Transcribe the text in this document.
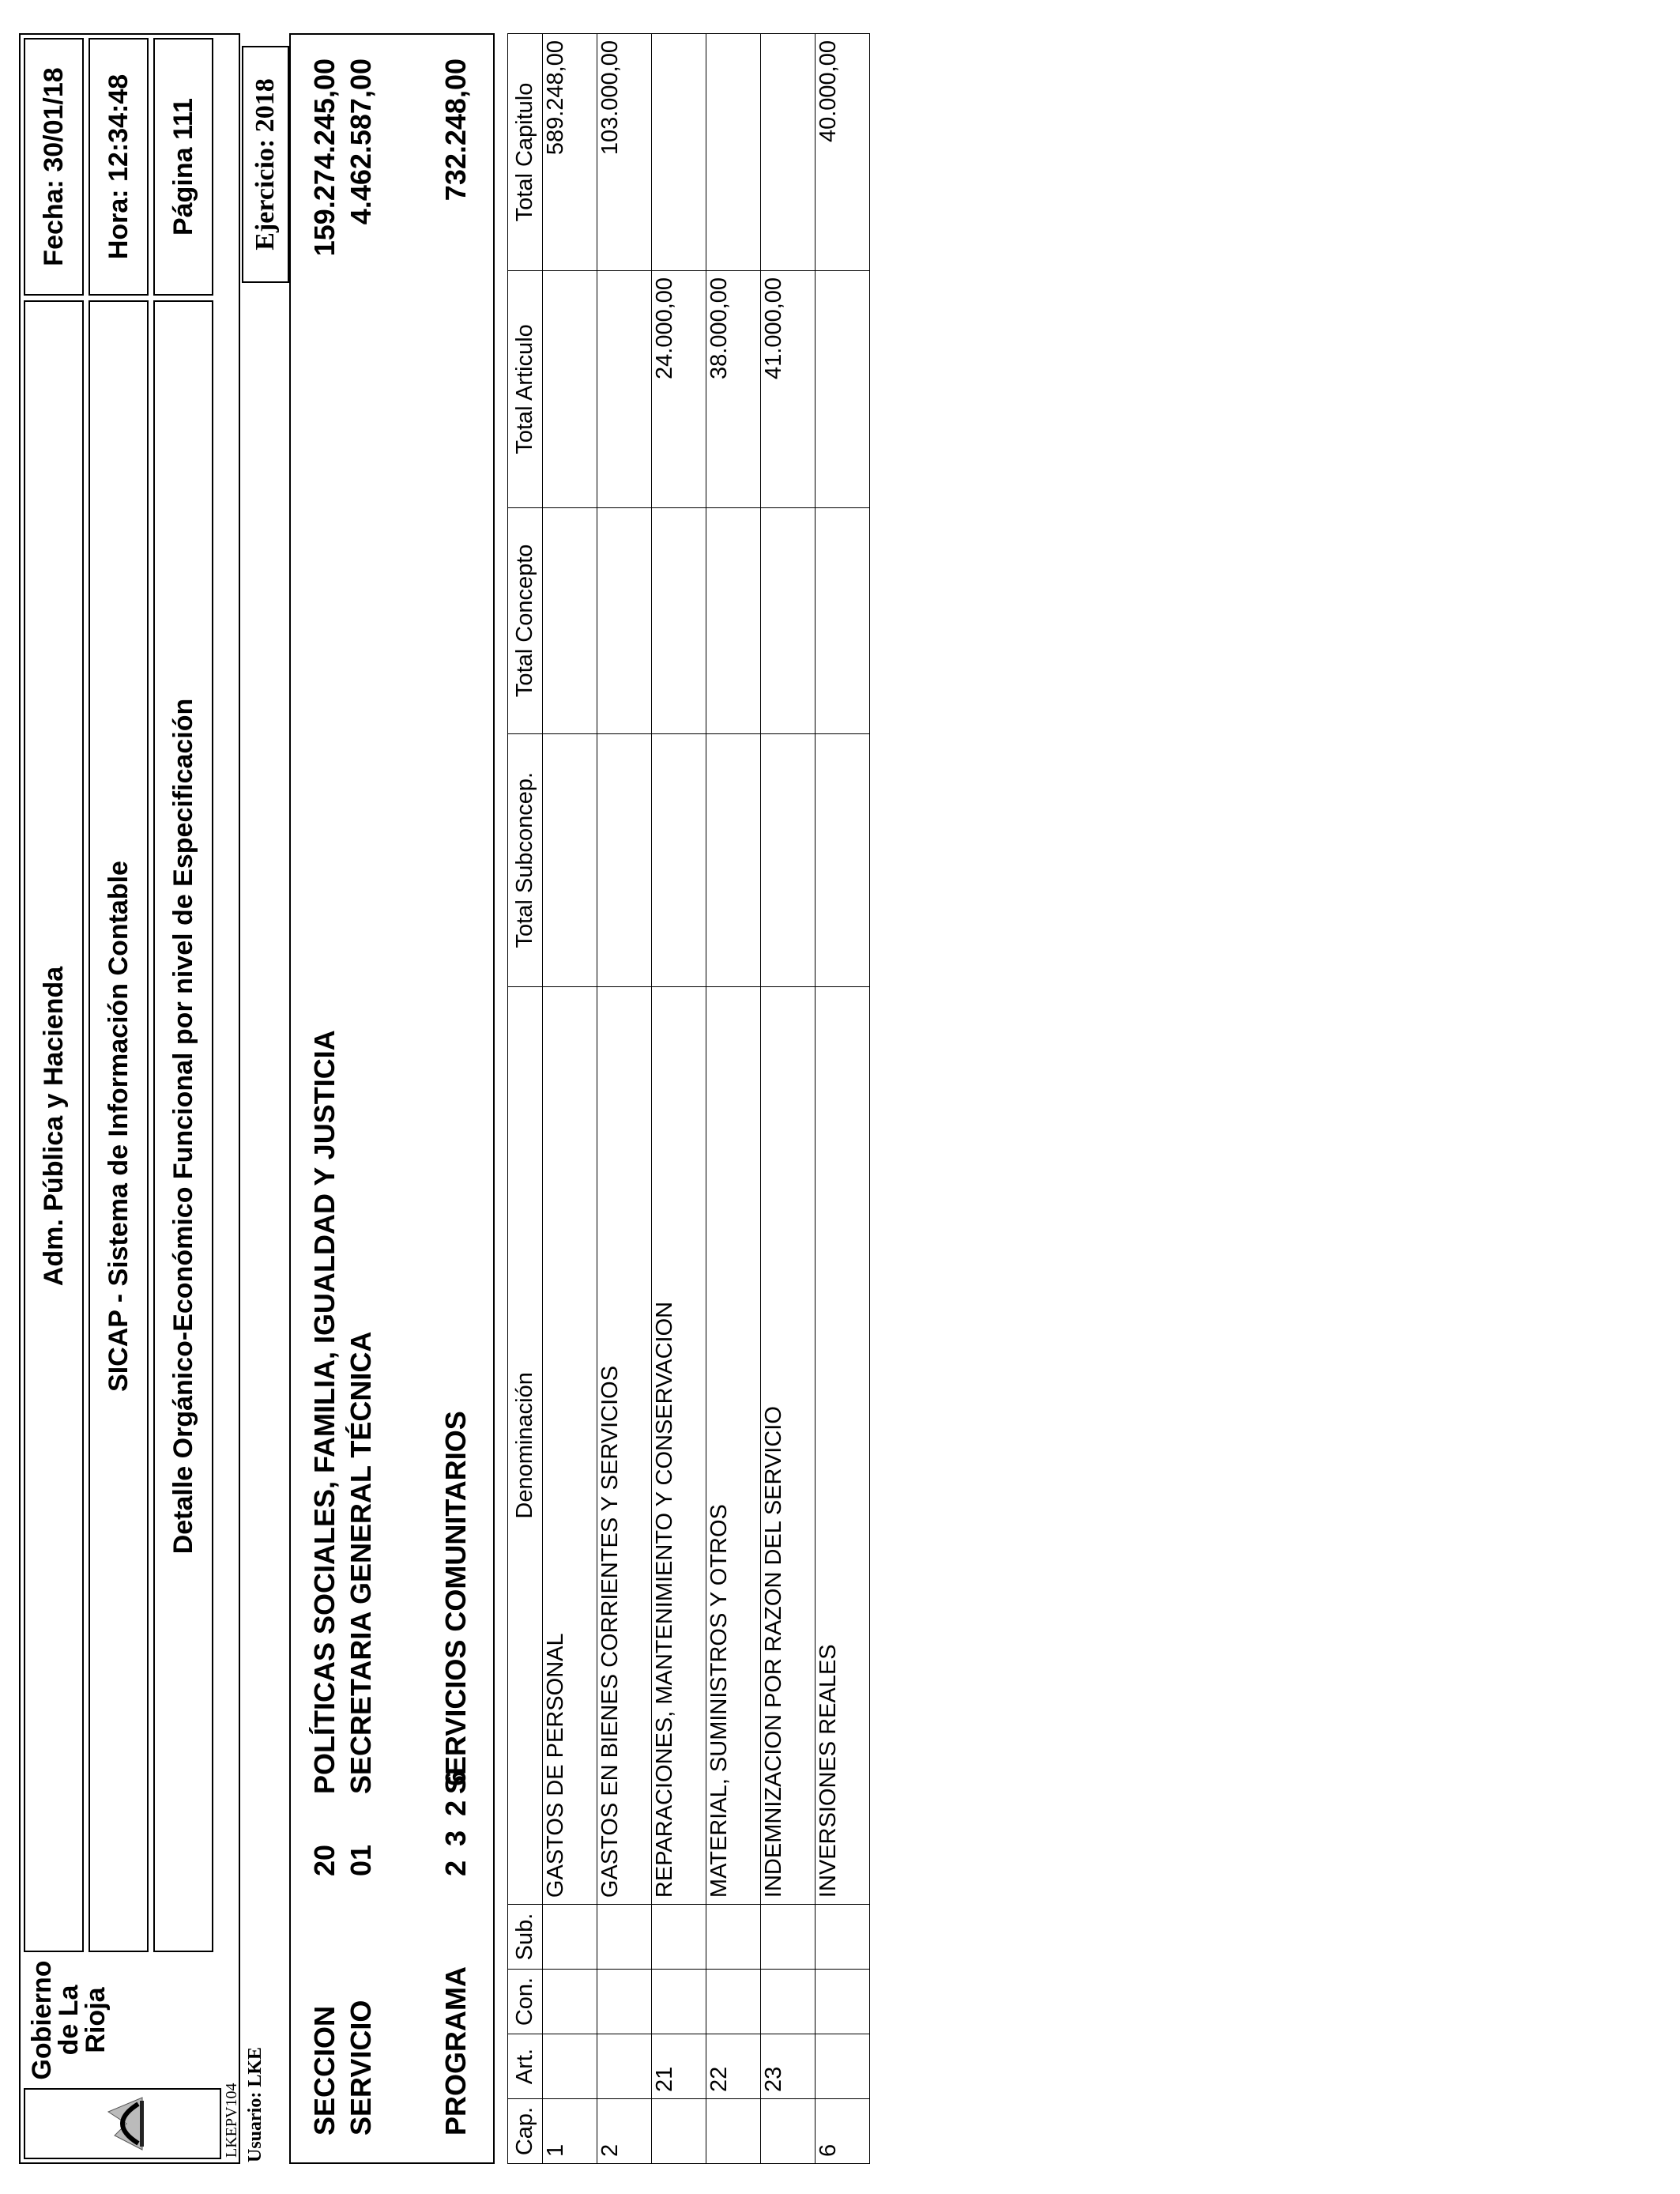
LKEPV104
Gobierno
de La
Rioja
Adm. Pública y Hacienda SICAP - Sistema de Información Contable Detalle Orgánico-Económico Funcional por nivel de Especificación
Fecha: 30/01/18 Hora: 12:34:48 Página 111
Usuario: LKE
Ejercicio: 2018
SECCION
20
POLÍTICAS SOCIALES, FAMILIA, IGUALDAD Y JUSTICIA
159.274.245,00
SERVICIO
01
SECRETARIA GENERAL TÉCNICA
4.462.587,00
PROGRAMA
2 3 2 6
SERVICIOS COMUNITARIOS
732.248,00
Cap.	Art.	Con.	Sub.	Denominación	Total Subconcep.	Total Concepto	Total Articulo	Total Capitulo
1				GASTOS DE PERSONAL				589.248,00
2				GASTOS EN BIENES CORRIENTES Y SERVICIOS				103.000,00
	21			REPARACIONES, MANTENIMIENTO Y CONSERVACION			24.000,00	
	22			MATERIAL, SUMINISTROS Y OTROS			38.000,00	
	23			INDEMNIZACION POR RAZON DEL SERVICIO			41.000,00	
6				INVERSIONES REALES				40.000,00
